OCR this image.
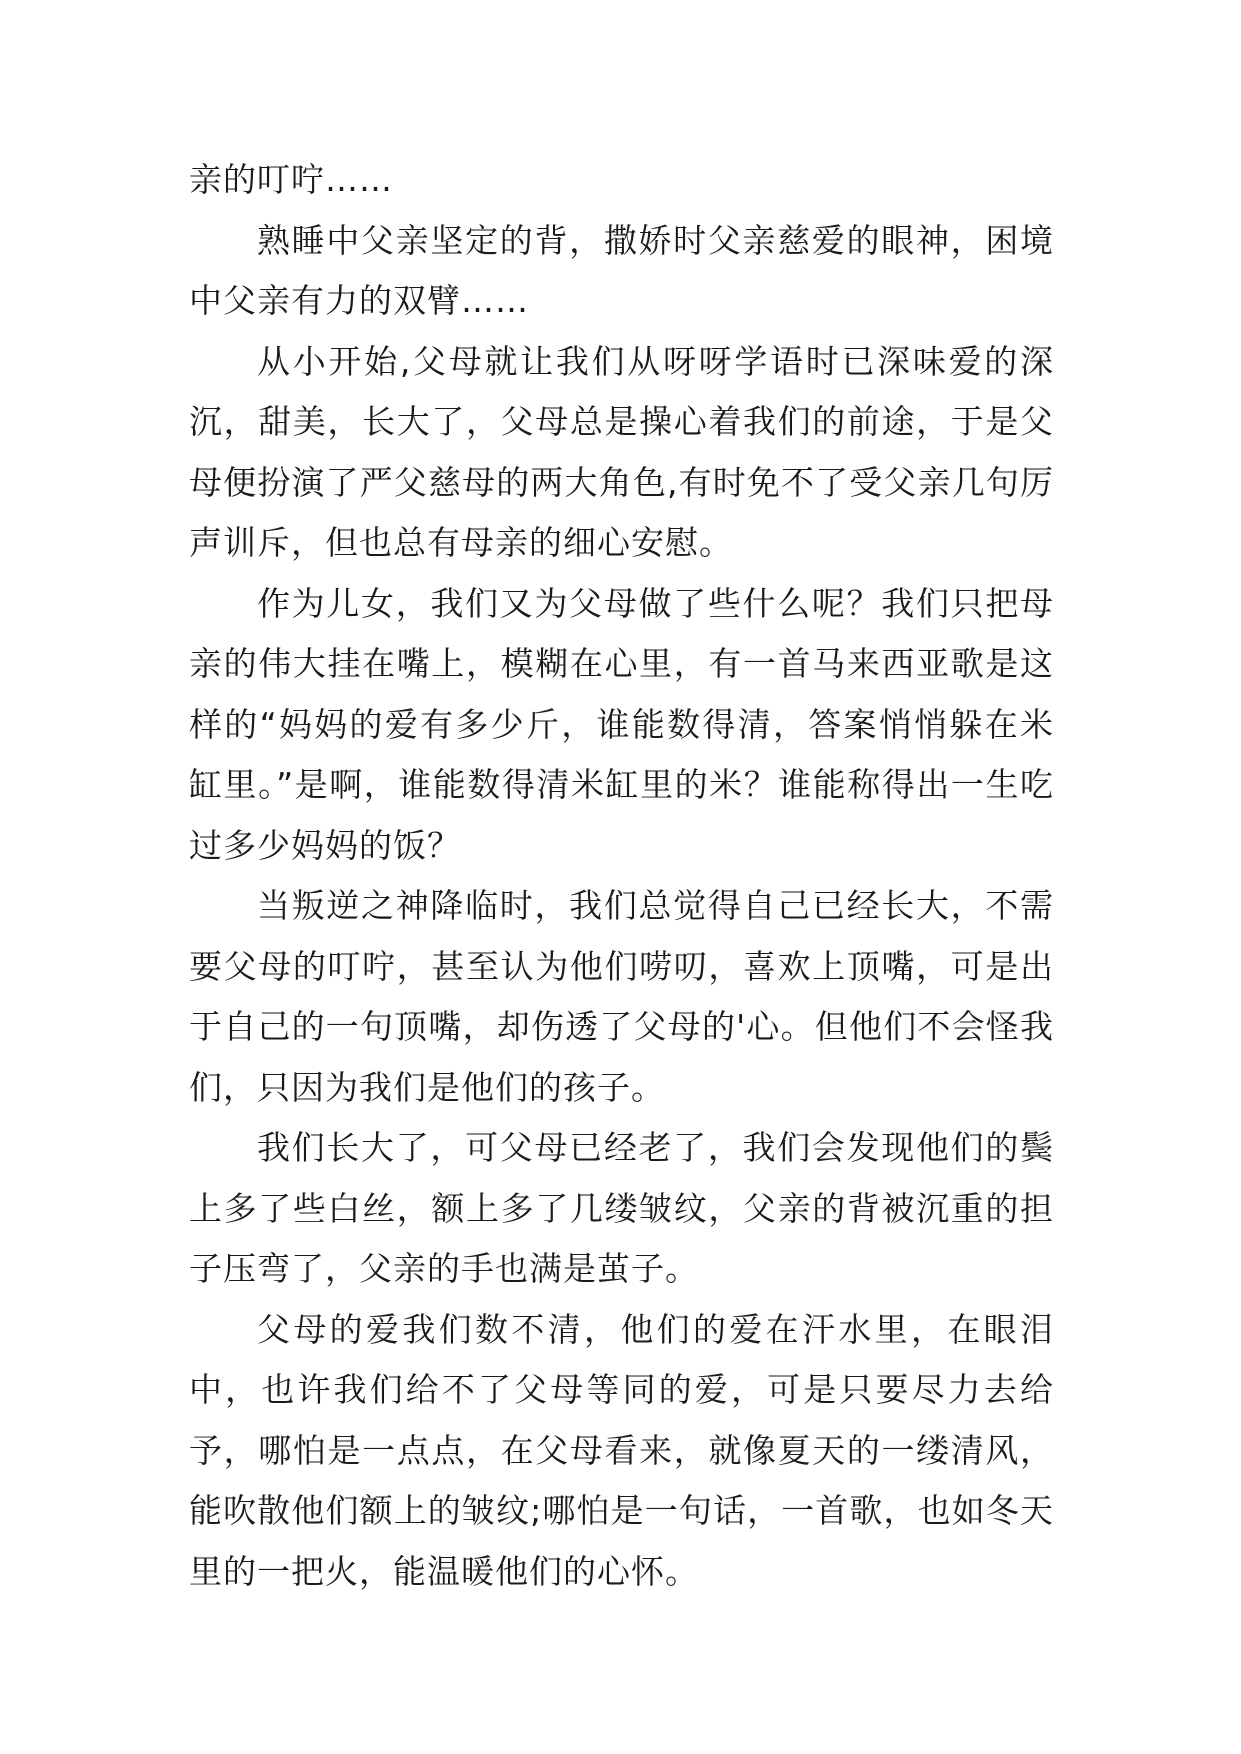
亲的叮咛……

熟睡中父亲坚定的背，撒娇时父亲慈爱的眼神，困境中父亲有力的双臂……

从小开始,父母就让我们从呀呀学语时已深味爱的深沉，甜美，长大了，父母总是操心着我们的前途，于是父母便扮演了严父慈母的两大角色,有时免不了受父亲几句厉声训斥，但也总有母亲的细心安慰。

作为儿女，我们又为父母做了些什么呢？我们只把母亲的伟大挂在嘴上，模糊在心里，有一首马来西亚歌是这样的“妈妈的爱有多少斤，谁能数得清，答案悄悄躲在米缸里。”是啊，谁能数得清米缸里的米？谁能称得出一生吃过多少妈妈的饭？

当叛逆之神降临时，我们总觉得自己已经长大，不需要父母的叮咛，甚至认为他们唠叨，喜欢上顶嘴，可是出于自己的一句顶嘴，却伤透了父母的'心。但他们不会怪我们，只因为我们是他们的孩子。

我们长大了，可父母已经老了，我们会发现他们的鬓上多了些白丝，额上多了几缕皱纹，父亲的背被沉重的担子压弯了，父亲的手也满是茧子。

父母的爱我们数不清，他们的爱在汗水里，在眼泪中，也许我们给不了父母等同的爱，可是只要尽力去给予，哪怕是一点点，在父母看来，就像夏天的一缕清风，能吹散他们额上的皱纹;哪怕是一句话，一首歌，也如冬天里的一把火，能温暖他们的心怀。
